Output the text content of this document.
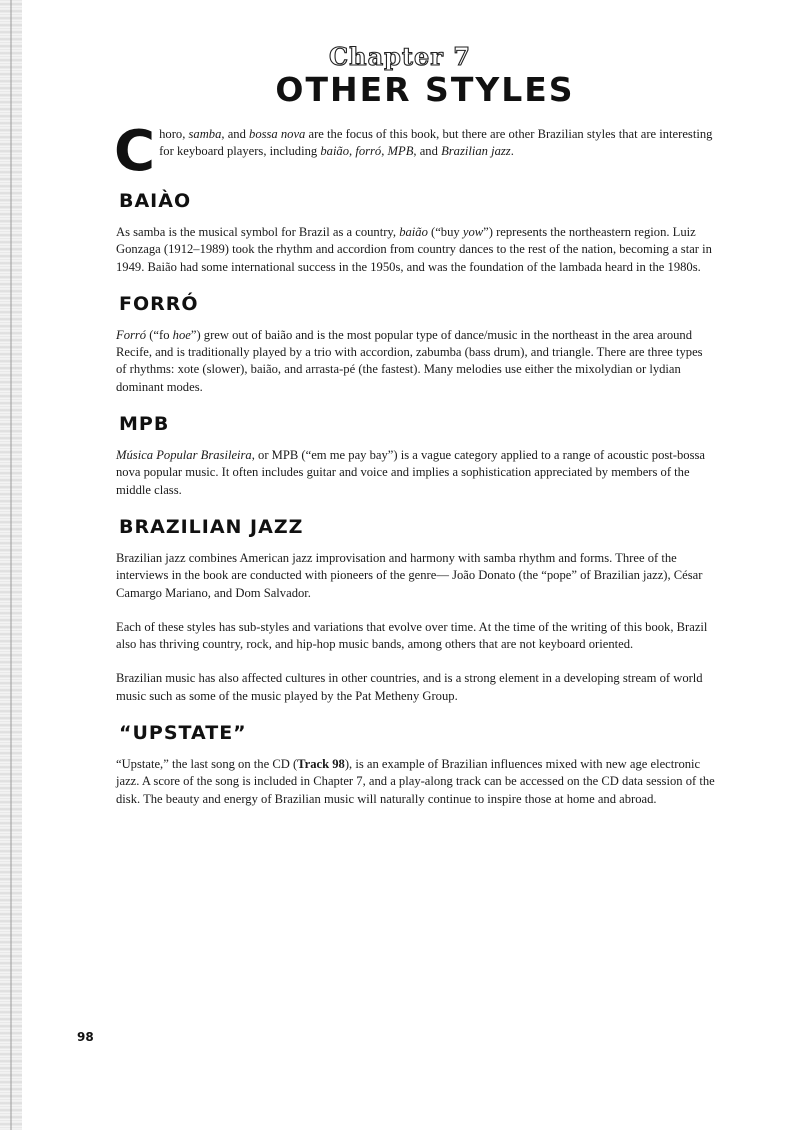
Chapter 7
OTHER STYLES
C horo, samba, and bossa nova are the focus of this book, but there are other Brazilian styles that are interesting for keyboard players, including baião, forró, MPB, and Brazilian jazz.
BAIÀO

As samba is the musical symbol for Brazil as a country, baião (“buy yow”) represents the northeastern region. Luiz Gonzaga (1912–1989) took the rhythm and accordion from country dances to the rest of the nation, becoming a star in 1949. Baião had some international success in the 1950s, and was the foundation of the lambada heard in the 1980s.

FORRÓ

Forró (“fo hoe”) grew out of baião and is the most popular type of dance/music in the northeast in the area around Recife, and is traditionally played by a trio with accordion, zabumba (bass drum), and triangle. There are three types of rhythms: xote (slower), baião, and arrasta-pé (the fastest). Many melodies use either the mixolydian or lydian dominant modes.

MPB

Música Popular Brasileira, or MPB (“em me pay bay”) is a vague category applied to a range of acoustic post-bossa nova popular music. It often includes guitar and voice and implies a sophistication appreciated by members of the middle class.

BRAZILIAN JAZZ

Brazilian jazz combines American jazz improvisation and harmony with samba rhythm and forms. Three of the interviews in the book are conducted with pioneers of the genre— João Donato (the “pope” of Brazilian jazz), César Camargo Mariano, and Dom Salvador.

Each of these styles has sub-styles and variations that evolve over time. At the time of the writing of this book, Brazil also has thriving country, rock, and hip-hop music bands, among others that are not keyboard oriented.

Brazilian music has also affected cultures in other countries, and is a strong element in a developing stream of world music such as some of the music played by the Pat Metheny Group.

“UPSTATE”

“Upstate,” the last song on the CD (Track 98), is an example of Brazilian influences mixed with new age electronic jazz. A score of the song is included in Chapter 7, and a play-along track can be accessed on the CD data session of the disk. The beauty and energy of Brazilian music will naturally continue to inspire those at home and abroad.

98
